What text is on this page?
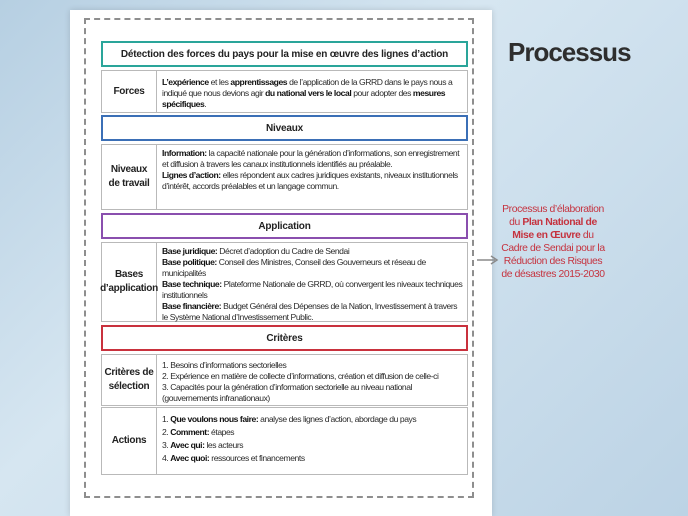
Détection des forces du pays pour la mise en œuvre des lignes d’action
Forces

L’expérience et les apprentissages de l’application de la GRRD dans le pays nous a indiqué que nous devions agir du national vers le local pour adopter des mesures spécifiques.

Niveaux
Niveaux
de travail

Information: la capacité nationale pour la génération d’informations, son enregistrement et diffusion à travers les canaux institutionnels identifiés au préalable.

Lignes d’action: elles répondent aux cadres juridiques existants, niveaux institutionnels d’intérêt, accords préalables et un langage commun.

Application
Bases
d’application

Base juridique: Décret d’adoption du Cadre de Sendai

Base politique: Conseil des Ministres, Conseil des Gouverneurs et réseau de municipalités

Base technique: Plateforme Nationale de GRRD, où convergent les niveaux techniques institutionnels

Base financière: Budget Général des Dépenses de la Nation, Investissement à travers le Système National d’Investissement Public.

Critères
Critères de
sélection

1. Besoins d’informations sectorielles

2. Expérience en matière de collecte d’informations, création et diffusion de celle-ci

3. Capacités pour la génération d’information sectorielle au niveau national (gouvernements infranationaux)

Actions

1. Que voulons nous faire: analyse des lignes d’action, abordage du pays

2. Comment: étapes

3. Avec qui: les acteurs

4. Avec quoi: ressources et financements

Processus
Processus d’élaboration du Plan National de Mise en Œuvre du Cadre de Sendai pour la Réduction des Risques de désastres 2015-2030
